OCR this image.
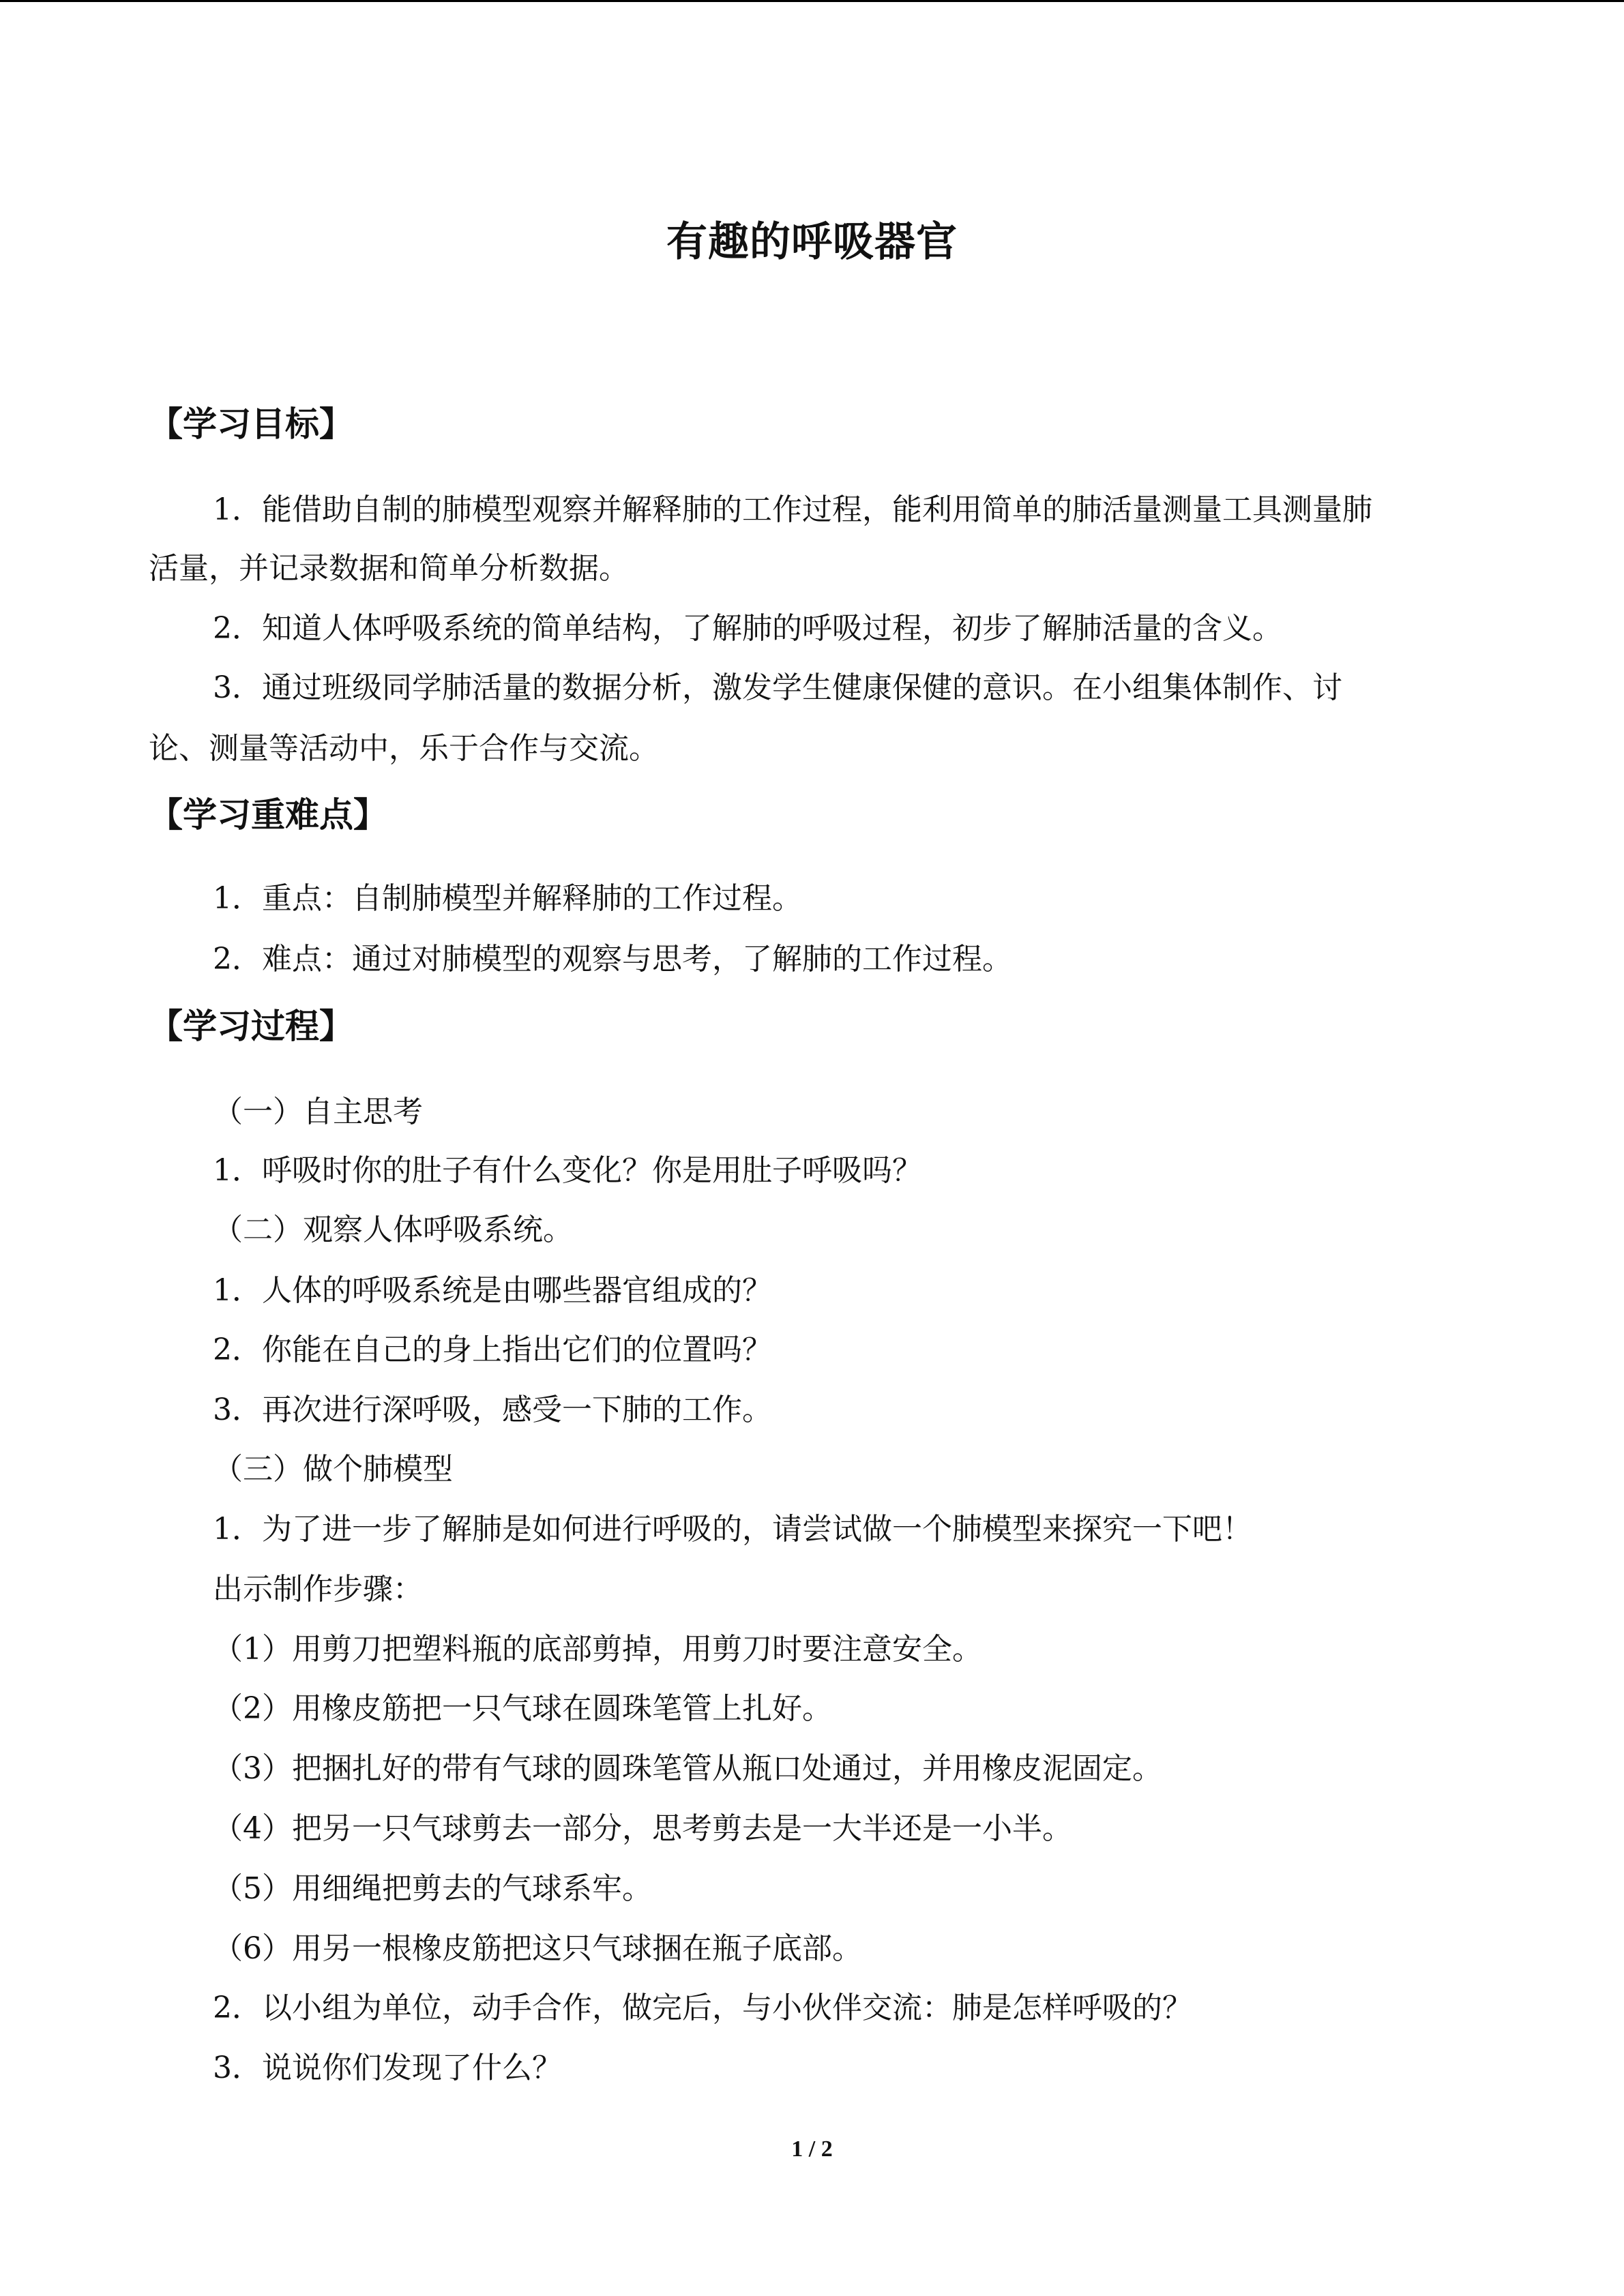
有趣的呼吸器官
【学习目标】
1．能借助自制的肺模型观察并解释肺的工作过程，能利用简单的肺活量测量工具测量肺
活量，并记录数据和简单分析数据。
2．知道人体呼吸系统的简单结构，了解肺的呼吸过程，初步了解肺活量的含义。
3．通过班级同学肺活量的数据分析，激发学生健康保健的意识。在小组集体制作、讨
论、测量等活动中，乐于合作与交流。
【学习重难点】
1．重点：自制肺模型并解释肺的工作过程。
2．难点：通过对肺模型的观察与思考，了解肺的工作过程。
【学习过程】
（一）自主思考
1．呼吸时你的肚子有什么变化？你是用肚子呼吸吗？
（二）观察人体呼吸系统。
1．人体的呼吸系统是由哪些器官组成的？
2．你能在自己的身上指出它们的位置吗？
3．再次进行深呼吸，感受一下肺的工作。
（三）做个肺模型
1．为了进一步了解肺是如何进行呼吸的，请尝试做一个肺模型来探究一下吧！
出示制作步骤：
（1）用剪刀把塑料瓶的底部剪掉，用剪刀时要注意安全。
（2）用橡皮筋把一只气球在圆珠笔管上扎好。
（3）把捆扎好的带有气球的圆珠笔管从瓶口处通过，并用橡皮泥固定。
（4）把另一只气球剪去一部分，思考剪去是一大半还是一小半。
（5）用细绳把剪去的气球系牢。
（6）用另一根橡皮筋把这只气球捆在瓶子底部。
2．以小组为单位，动手合作，做完后，与小伙伴交流：肺是怎样呼吸的？
3．说说你们发现了什么？
1 / 2
